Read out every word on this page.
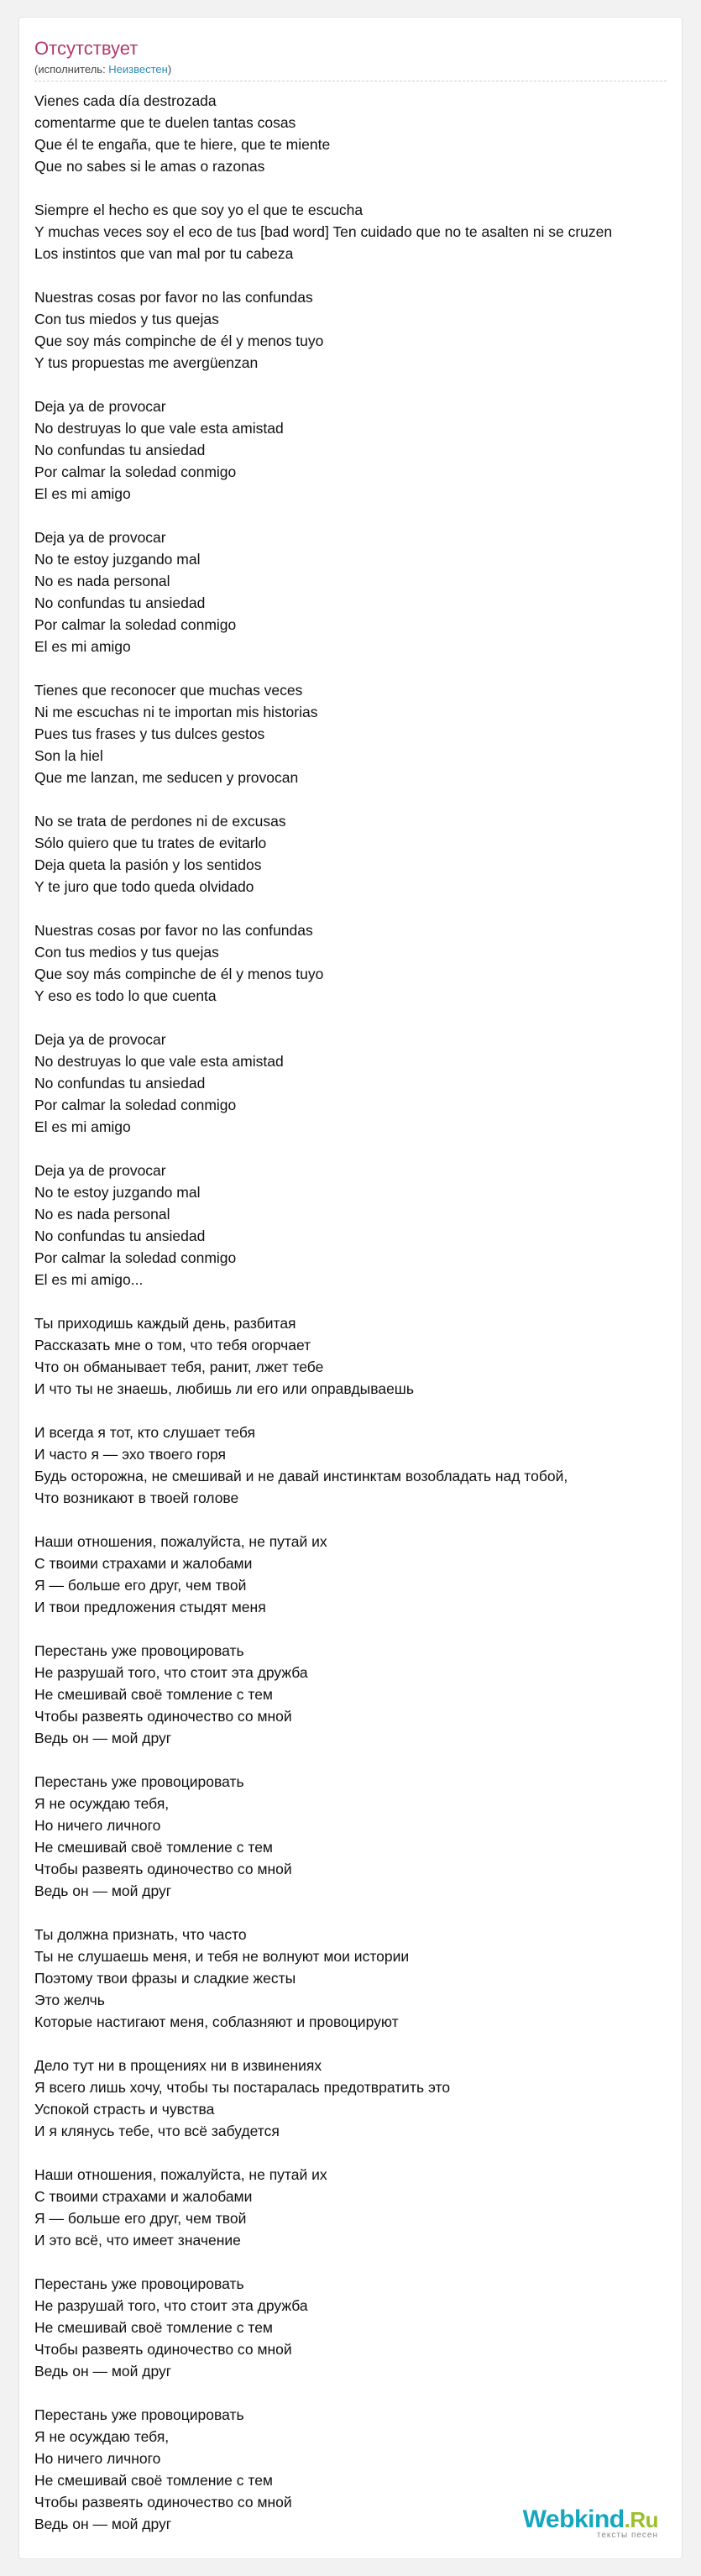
Отсутствует
(исполнитель: Неизвестен)
Vienes cada día destrozada
comentarme que te duelen tantas cosas
Que él te engaña, que te hiere, que te miente
Que no sabes si le amas o razonas
Siempre el hecho es que soy yo el que te escucha
Y muchas veces soy el eco de tus [bad word] Ten cuidado que no te asalten ni se cruzen
Los instintos que van mal por tu cabeza
Nuestras cosas por favor no las confundas
Con tus miedos y tus quejas
Que soy más compinche de él y menos tuyo
Y tus propuestas me avergüenzan
Deja ya de provocar
No destruyas lo que vale esta amistad
No confundas tu ansiedad
Por calmar la soledad conmigo
El es mi amigo
Deja ya de provocar
No te estoy juzgando mal
No es nada personal
No confundas tu ansiedad
Por calmar la soledad conmigo
El es mi amigo
Tienes que reconocer que muchas veces
Ni me escuchas ni te importan mis historias
Pues tus frases y tus dulces gestos
Son la hiel
Que me lanzan, me seducen y provocan
No se trata de perdones ni de excusas
Sólo quiero que tu trates de evitarlo
Deja queta la pasión y los sentidos
Y te juro que todo queda olvidado
Nuestras cosas por favor no las confundas
Con tus medios y tus quejas
Que soy más compinche de él y menos tuyo
Y eso es todo lo que cuenta
Deja ya de provocar
No destruyas lo que vale esta amistad
No confundas tu ansiedad
Por calmar la soledad conmigo
El es mi amigo
Deja ya de provocar
No te estoy juzgando mal
No es nada personal
No confundas tu ansiedad
Por calmar la soledad conmigo
El es mi amigo...
Ты приходишь каждый день, разбитая
Рассказать мне о том, что тебя огорчает
Что он обманывает тебя, ранит, лжет тебе
И что ты не знаешь, любишь ли его или оправдываешь
И всегда я тот, кто слушает тебя
И часто я — эхо твоего горя
Будь осторожна, не смешивай и не давай инстинктам возобладать над тобой,
Что возникают в твоей голове
Наши отношения, пожалуйста, не путай их
С твоими страхами и жалобами
Я — больше его друг, чем твой
И твои предложения стыдят меня
Перестань уже провоцировать
Не разрушай того, что стоит эта дружба
Не смешивай своё томление с тем
Чтобы развеять одиночество со мной
Ведь он — мой друг
Перестань уже провоцировать
Я не осуждаю тебя,
Но ничего личного
Не смешивай своё томление с тем
Чтобы развеять одиночество со мной
Ведь он — мой друг
Ты должна признать, что часто
Ты не слушаешь меня, и тебя не волнуют мои истории
Поэтому твои фразы и сладкие жесты
Это желчь
Которые настигают меня, соблазняют и провоцируют
Дело тут ни в прощениях ни в извинениях
Я всего лишь хочу, чтобы ты постаралась предотвратить это
Успокой страсть и чувства
И я клянусь тебе, что всё забудется
Наши отношения, пожалуйста, не путай их
С твоими страхами и жалобами
Я — больше его друг, чем твой
И это всё, что имеет значение
Перестань уже провоцировать
Не разрушай того, что стоит эта дружба
Не смешивай своё томление с тем
Чтобы развеять одиночество со мной
Ведь он — мой друг
Перестань уже провоцировать
Я не осуждаю тебя,
Но ничего личного
Не смешивай своё томление с тем
Чтобы развеять одиночество со мной
Ведь он — мой друг	Webkind.Ru
тексты песен
